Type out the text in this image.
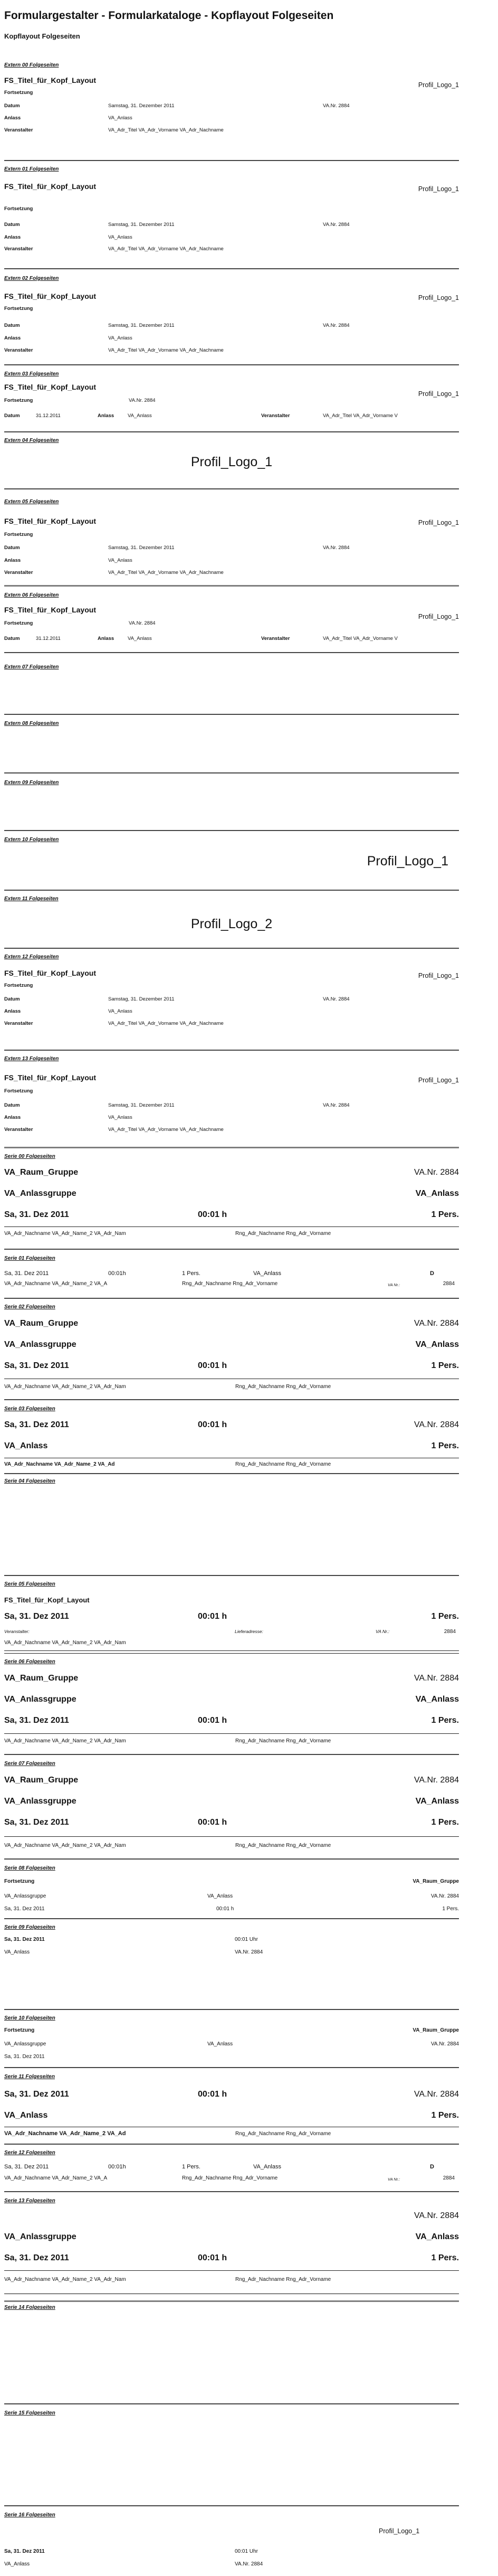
Formulargestalter - Formularkataloge - Kopflayout Folgeseiten
Kopflayout Folgeseiten
Extern 00 Folgeseiten
FS_Titel_für_Kopf_Layout
Profil_Logo_1
Fortsetzung
Datum	Samstag, 31. Dezember 2011	VA.Nr. 2884
Anlass	VA_Anlass
Veranstalter	VA_Adr_Titel VA_Adr_Vorname VA_Adr_Nachname
Extern 01 Folgeseiten
FS_Titel_für_Kopf_Layout	Profil_Logo_1
Fortsetzung
Datum	Samstag, 31. Dezember 2011	VA.Nr. 2884
Anlass	VA_Anlass
Veranstalter	VA_Adr_Titel VA_Adr_Vorname VA_Adr_Nachname
Extern 02 Folgeseiten
FS_Titel_für_Kopf_Layout	Profil_Logo_1
Fortsetzung
Datum	Samstag, 31. Dezember 2011	VA.Nr. 2884
Anlass	VA_Anlass
Veranstalter	VA_Adr_Titel VA_Adr_Vorname VA_Adr_Nachname
Extern 03 Folgeseiten
FS_Titel_für_Kopf_Layout
Profil_Logo_1
Fortsetzung	VA.Nr. 2884
Datum	31.12.2011	Anlass	VA_Anlass	Veranstalter	VA_Adr_Titel VA_Adr_Vorname V
Extern 04 Folgeseiten
Profil_Logo_1
Extern 05 Folgeseiten
FS_Titel_für_Kopf_Layout	Profil_Logo_1
Fortsetzung
Datum	Samstag, 31. Dezember 2011	VA.Nr. 2884
Anlass	VA_Anlass
Veranstalter	VA_Adr_Titel VA_Adr_Vorname VA_Adr_Nachname
Extern 06 Folgeseiten
FS_Titel_für_Kopf_Layout
Profil_Logo_1
Fortsetzung	VA.Nr. 2884
Datum	31.12.2011	Anlass	VA_Anlass	Veranstalter	VA_Adr_Titel VA_Adr_Vorname V
Extern 07 Folgeseiten
Extern 08 Folgeseiten
Extern 09 Folgeseiten
Extern 10 Folgeseiten
Profil_Logo_1
Extern 11 Folgeseiten
Profil_Logo_2
Extern 12 Folgeseiten
FS_Titel_für_Kopf_Layout	Profil_Logo_1
Fortsetzung
Datum	Samstag, 31. Dezember 2011	VA.Nr. 2884
Anlass	VA_Anlass
Veranstalter	VA_Adr_Titel VA_Adr_Vorname VA_Adr_Nachname
Extern 13 Folgeseiten
FS_Titel_für_Kopf_Layout	Profil_Logo_1
Fortsetzung
Datum	Samstag, 31. Dezember 2011	VA.Nr. 2884
Anlass	VA_Anlass
Veranstalter	VA_Adr_Titel VA_Adr_Vorname VA_Adr_Nachname
Serie 00 Folgeseiten
VA_Raum_Gruppe	VA.Nr. 2884
VA_Anlassgruppe	VA_Anlass
Sa, 31. Dez 2011	00:01 h	1 Pers.
VA_Adr_Nachname VA_Adr_Name_2 VA_Adr_Nam	Rng_Adr_Nachname Rng_Adr_Vorname
Serie 01 Folgeseiten
Sa, 31. Dez 2011	00:01h	1 Pers.	VA_Anlass	D
VA_Adr_Nachname VA_Adr_Name_2 VA_A	Rng_Adr_Nachname Rng_Adr_Vorname	VA Nr.:	2884
Serie 02 Folgeseiten
VA_Raum_Gruppe	VA.Nr. 2884
VA_Anlassgruppe	VA_Anlass
Sa, 31. Dez 2011	00:01 h	1 Pers.
VA_Adr_Nachname VA_Adr_Name_2 VA_Adr_Nam	Rng_Adr_Nachname Rng_Adr_Vorname
Serie 03 Folgeseiten
Sa, 31. Dez 2011	00:01 h	VA.Nr. 2884
VA_Anlass	1 Pers.
VA_Adr_Nachname VA_Adr_Name_2 VA_Ad	Rng_Adr_Nachname Rng_Adr_Vorname
Serie 04 Folgeseiten
Serie 05 Folgeseiten
FS_Titel_für_Kopf_Layout
Sa, 31. Dez 2011	00:01 h	1 Pers.
Veranstalter:	Lieferadresse:	VA Nr.:	2884
VA_Adr_Nachname VA_Adr_Name_2 VA_Adr_Nam
Serie 06 Folgeseiten
VA_Raum_Gruppe	VA.Nr. 2884
VA_Anlassgruppe	VA_Anlass
Sa, 31. Dez 2011	00:01 h	1 Pers.
VA_Adr_Nachname VA_Adr_Name_2 VA_Adr_Nam	Rng_Adr_Nachname Rng_Adr_Vorname
Serie 07 Folgeseiten
VA_Raum_Gruppe	VA.Nr. 2884
VA_Anlassgruppe	VA_Anlass
Sa, 31. Dez 2011	00:01 h	1 Pers.
VA_Adr_Nachname VA_Adr_Name_2 VA_Adr_Nam	Rng_Adr_Nachname Rng_Adr_Vorname
Serie 08 Folgeseiten
Fortsetzung	VA_Raum_Gruppe
VA_Anlassgruppe	VA_Anlass	VA.Nr. 2884
Sa, 31. Dez 2011	00:01 h	1 Pers.
Serie 09 Folgeseiten
Sa, 31. Dez 2011	00:01 Uhr
VA_Anlass	VA.Nr. 2884
Serie 10 Folgeseiten
Fortsetzung	VA_Raum_Gruppe
VA_Anlassgruppe	VA_Anlass	VA.Nr. 2884
Sa, 31. Dez 2011
Serie 11 Folgeseiten
Sa, 31. Dez 2011	00:01 h	VA.Nr. 2884
VA_Anlass	1 Pers.
VA_Adr_Nachname VA_Adr_Name_2 VA_Ad	Rng_Adr_Nachname Rng_Adr_Vorname
Serie 12 Folgeseiten
Sa, 31. Dez 2011	00:01h	1 Pers.	VA_Anlass	D
VA_Adr_Nachname VA_Adr_Name_2 VA_A	Rng_Adr_Nachname Rng_Adr_Vorname	VA Nr.:	2884
Serie 13 Folgeseiten
VA.Nr. 2884
VA_Anlassgruppe	VA_Anlass
Sa, 31. Dez 2011	00:01 h	1 Pers.
VA_Adr_Nachname VA_Adr_Name_2 VA_Adr_Nam	Rng_Adr_Nachname Rng_Adr_Vorname
Serie 14 Folgeseiten
Serie 15 Folgeseiten
Serie 16 Folgeseiten
Profil_Logo_1
Sa, 31. Dez 2011	00:01 Uhr
VA_Anlass	VA.Nr. 2884
